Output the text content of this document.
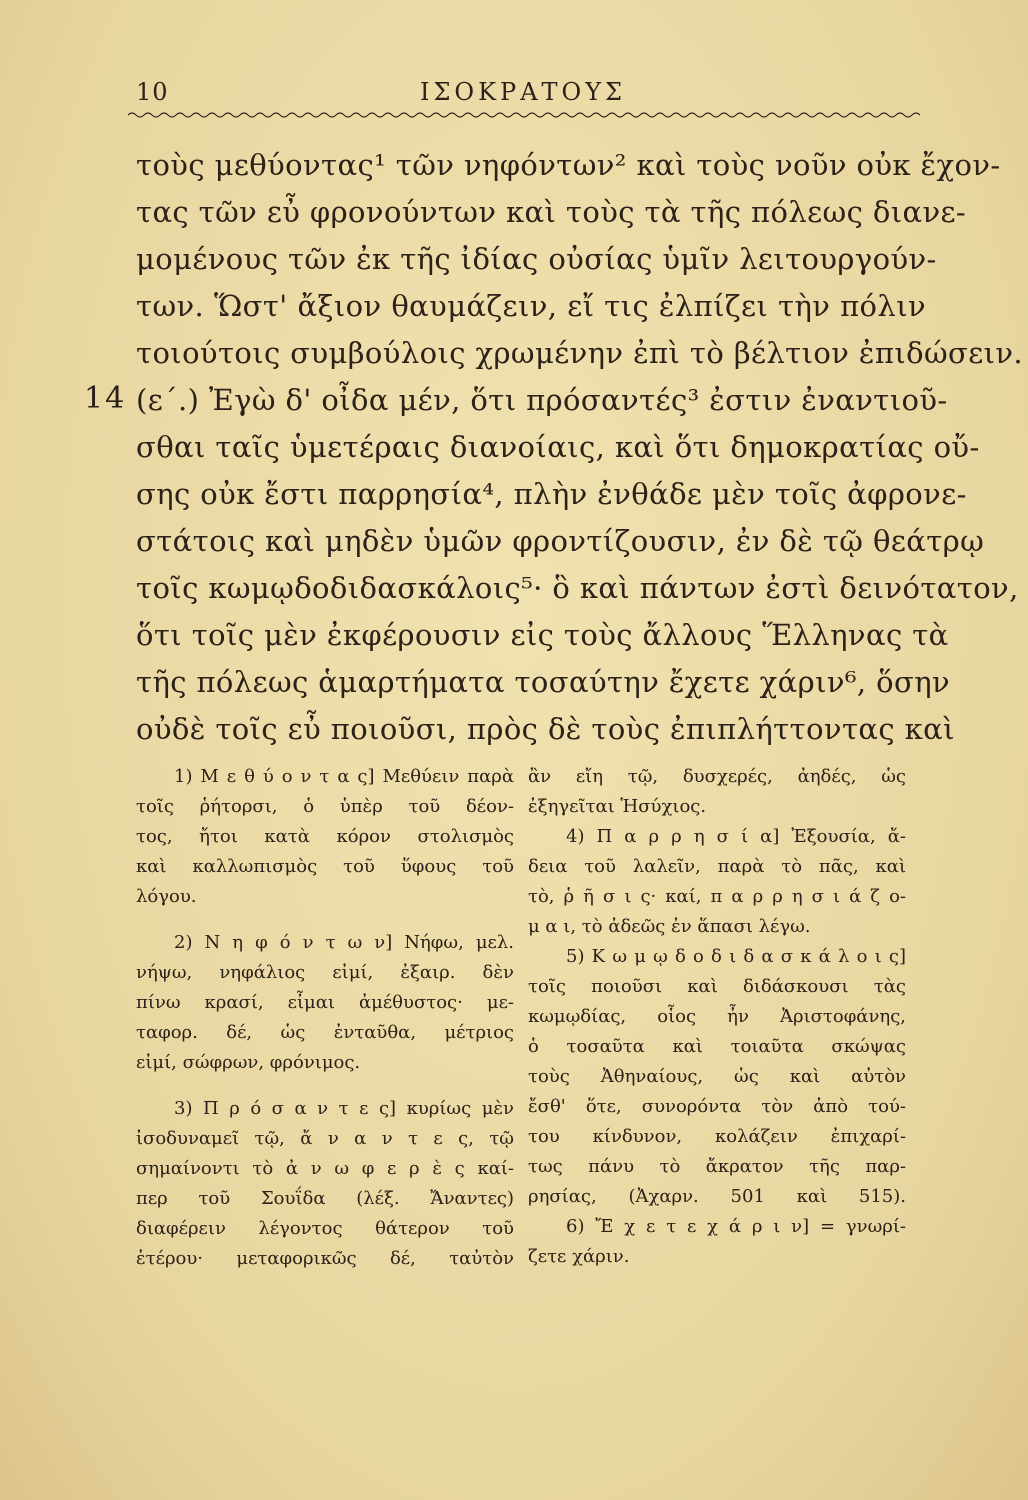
10	ΙΣΟΚΡΑΤΟΥΣ
14
τοὺς μεθύοντας¹ τῶν νηφόντων² καὶ τοὺς νοῦν οὐκ ἔχον-
τας τῶν εὖ φρονούντων καὶ τοὺς τὰ τῆς πόλεως διανε-
μομένους τῶν ἐκ τῆς ἰδίας οὐσίας ὑμῖν λειτουργούν-
των. Ὥστ' ἄξιον θαυμάζειν, εἴ τις ἐλπίζει τὴν πόλιν
τοιούτοις συμβούλοις χρωμένην ἐπὶ τὸ βέλτιον ἐπιδώσειν.
(ε΄.) Ἐγὼ δ' οἶδα μέν, ὅτι πρόσαντές³ ἐστιν ἐναντιοῦ-
σθαι ταῖς ὑμετέραις διανοίαις, καὶ ὅτι δημοκρατίας οὔ-
σης οὐκ ἔστι παρρησία⁴, πλὴν ἐνθάδε μὲν τοῖς ἀφρονε-
στάτοις καὶ μηδὲν ὑμῶν φροντίζουσιν, ἐν δὲ τῷ θεάτρῳ
τοῖς κωμῳδοδιδασκάλοις⁵· ὃ καὶ πάντων ἐστὶ δεινότατον,
ὅτι τοῖς μὲν ἐκφέρουσιν εἰς τοὺς ἄλλους Ἕλληνας τὰ
τῆς πόλεως ἁμαρτήματα τοσαύτην ἔχετε χάριν⁶, ὅσην
οὐδὲ τοῖς εὖ ποιοῦσι, πρὸς δὲ τοὺς ἐπιπλήττοντας καὶ
1) Μ ε θ ύ ο ν τ α ς] Μεθύειν παρὰ
τοῖς ῥήτορσι, ὁ ὑπὲρ τοῦ δέον-
τος, ἤτοι κατὰ κόρον στολισμὸς
καὶ καλλωπισμὸς τοῦ ὕφους τοῦ
λόγου.
2) Ν η φ ό ν τ ω ν] Νήφω, μελ.
νήψω, νηφάλιος εἰμί, ἐξαιρ. δὲν
πίνω κρασί, εἶμαι ἀμέθυστος· με-
ταφορ. δέ, ὡς ἐνταῦθα, μέτριος
εἰμί, σώφρων, φρόνιμος.
3) Π ρ ό σ α ν τ ε ς] κυρίως μὲν
ἰσοδυναμεῖ τῷ, ἄ ν α ν τ ε ς, τῷ
σημαίνοντι τὸ ἀ ν ω φ ε ρ ὲ ς καί-
περ τοῦ Σουΐδα (λέξ. Ἄναντες)
διαφέρειν λέγοντος θάτερον τοῦ
ἑτέρου· μεταφορικῶς δέ, ταὐτὸν
ἂν εἴη τῷ, δυσχερές, ἀηδές, ὡς
ἐξηγεῖται Ἡσύχιος.
4) Π α ρ ρ η σ ί α] Ἐξουσία, ἄ-
δεια τοῦ λαλεῖν, παρὰ τὸ πᾶς, καὶ
τὸ, ῥ ῆ σ ι ς· καί, π α ρ ρ η σ ι ά ζ ο-
μ α ι, τὸ ἀδεῶς ἐν ἅπασι λέγω.
5) Κ ω μ ῳ δ ο δ ι δ α σ κ ά λ ο ι ς]
τοῖς ποιοῦσι καὶ διδάσκουσι τὰς
κωμῳδίας, οἷος ἦν Ἀριστοφάνης,
ὁ τοσαῦτα καὶ τοιαῦτα σκώψας
τοὺς Ἀθηναίους, ὡς καὶ αὐτὸν
ἔσθ' ὅτε, συνορόντα τὸν ἀπὸ τού-
του κίνδυνον, κολάζειν ἐπιχαρί-
τως πάνυ τὸ ἄκρατον τῆς παρ-
ρησίας, (Ἀχαρν. 501 καὶ 515).
6) Ἔ χ ε τ ε χ ά ρ ι ν] = γνωρί-
ζετε χάριν.
